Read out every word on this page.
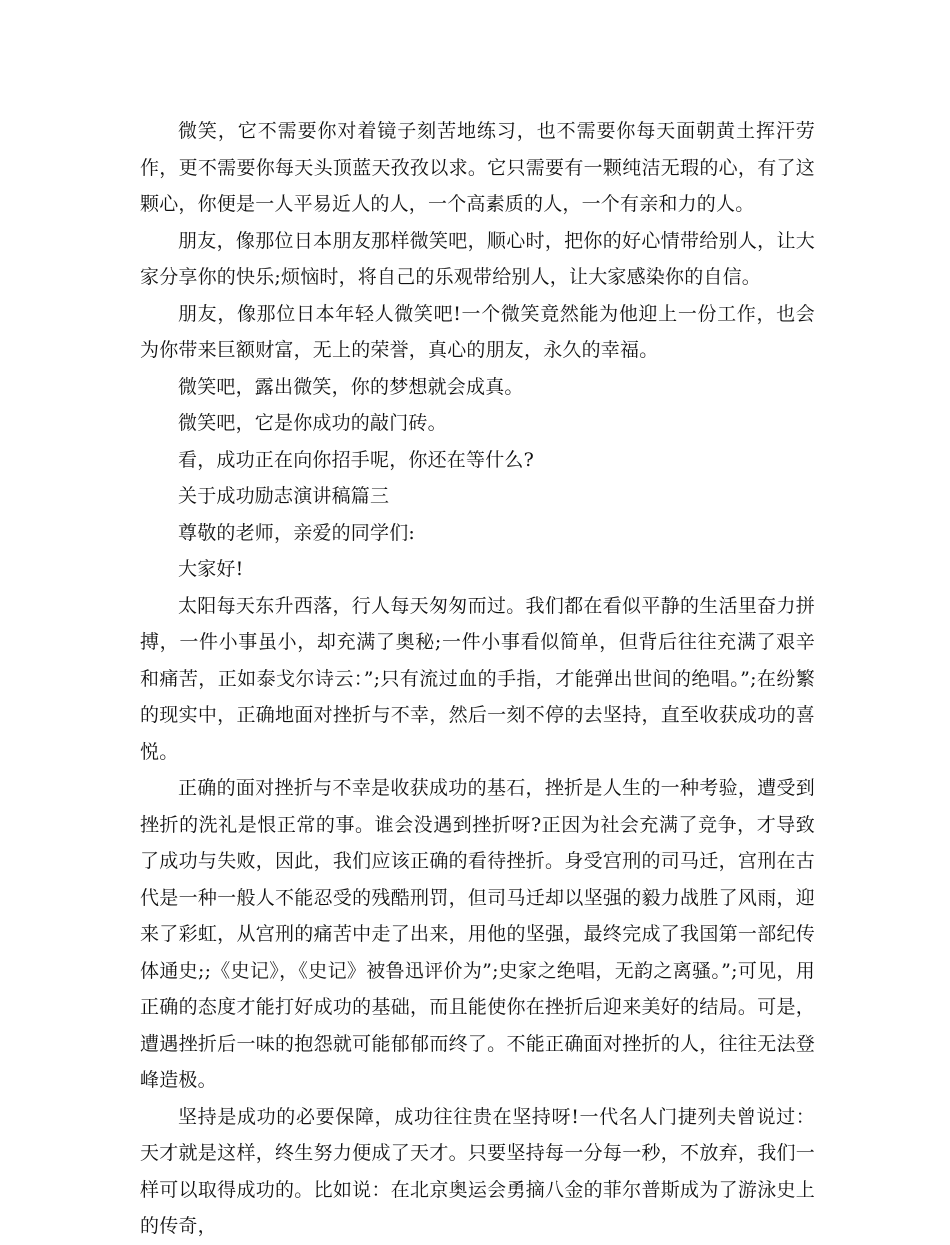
微笑，它不需要你对着镜子刻苦地练习，也不需要你每天面朝黄土挥汗劳作，更不需要你每天头顶蓝天孜孜以求。它只需要有一颗纯洁无瑕的心，有了这颗心，你便是一人平易近人的人，一个高素质的人，一个有亲和力的人。

朋友，像那位日本朋友那样微笑吧，顺心时，把你的好心情带给别人，让大家分享你的快乐;烦恼时，将自己的乐观带给别人，让大家感染你的自信。

朋友，像那位日本年轻人微笑吧!一个微笑竟然能为他迎上一份工作，也会为你带来巨额财富，无上的荣誉，真心的朋友，永久的幸福。

微笑吧，露出微笑，你的梦想就会成真。

微笑吧，它是你成功的敲门砖。

看，成功正在向你招手呢，你还在等什么?

关于成功励志演讲稿篇三

尊敬的老师，亲爱的同学们:

大家好!

太阳每天东升西落，行人每天匆匆而过。我们都在看似平静的生活里奋力拼搏，一件小事虽小，却充满了奥秘;一件小事看似简单，但背后往往充满了艰辛和痛苦，正如泰戈尔诗云：”;只有流过血的手指，才能弹出世间的绝唱。”;在纷繁的现实中，正确地面对挫折与不幸，然后一刻不停的去坚持，直至收获成功的喜悦。

正确的面对挫折与不幸是收获成功的基石，挫折是人生的一种考验，遭受到挫折的洗礼是恨正常的事。谁会没遇到挫折呀?正因为社会充满了竞争，才导致了成功与失败，因此，我们应该正确的看待挫折。身受宫刑的司马迁，宫刑在古代是一种一般人不能忍受的残酷刑罚，但司马迁却以坚强的毅力战胜了风雨，迎来了彩虹，从宫刑的痛苦中走了出来，用他的坚强，最终完成了我国第一部纪传体通史;;《史记》，《史记》被鲁迅评价为”;史家之绝唱，无韵之离骚。”;可见，用正确的态度才能打好成功的基础，而且能使你在挫折后迎来美好的结局。可是，遭遇挫折后一味的抱怨就可能郁郁而终了。不能正确面对挫折的人，往往无法登峰造极。

坚持是成功的必要保障，成功往往贵在坚持呀!一代名人门捷列夫曾说过：天才就是这样，终生努力便成了天才。只要坚持每一分每一秒，不放弃，我们一样可以取得成功的。比如说：在北京奥运会勇摘八金的菲尔普斯成为了游泳史上的传奇，
